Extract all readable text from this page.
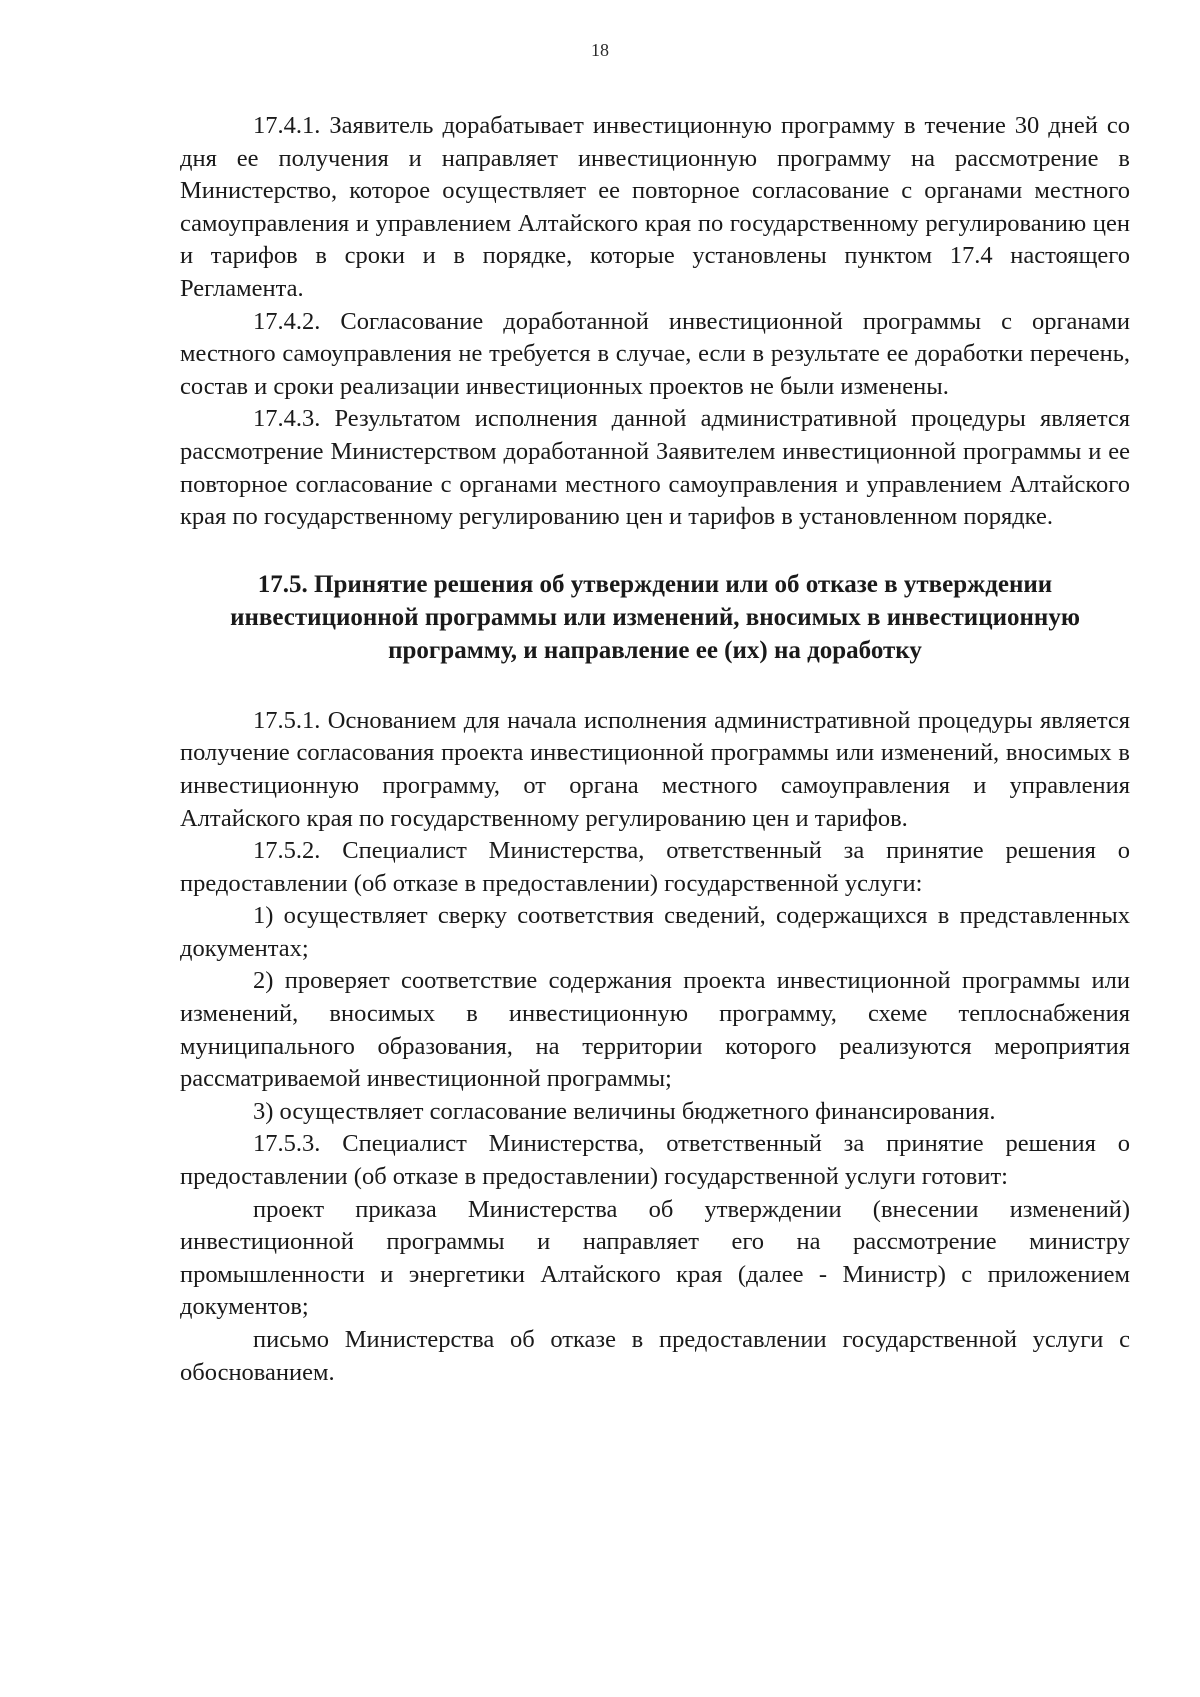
18

17.4.1. Заявитель дорабатывает инвестиционную программу в течение 30 дней со дня ее получения и направляет инвестиционную программу на рассмотрение в Министерство, которое осуществляет ее повторное согласование с органами местного самоуправления и управлением Алтайского края по государственному регулированию цен и тарифов в сроки и в порядке, которые установлены пунктом 17.4 настоящего Регламента.

17.4.2. Согласование доработанной инвестиционной программы с органами местного самоуправления не требуется в случае, если в результате ее доработки перечень, состав и сроки реализации инвестиционных проектов не были изменены.

17.4.3. Результатом исполнения данной административной процедуры является рассмотрение Министерством доработанной Заявителем инвестиционной программы и ее повторное согласование с органами местного самоуправления и управлением Алтайского края по государственному регулированию цен и тарифов в установленном порядке.

17.5. Принятие решения об утверждении или об отказе в утверждении инвестиционной программы или изменений, вносимых в инвестиционную программу, и направление ее (их) на доработку

17.5.1. Основанием для начала исполнения административной процедуры является получение согласования проекта инвестиционной программы или изменений, вносимых в инвестиционную программу, от органа местного самоуправления и управления Алтайского края по государственному регулированию цен и тарифов.

17.5.2. Специалист Министерства, ответственный за принятие решения о предоставлении (об отказе в предоставлении) государственной услуги:

1) осуществляет сверку соответствия сведений, содержащихся в представленных документах;

2) проверяет соответствие содержания проекта инвестиционной программы или изменений, вносимых в инвестиционную программу, схеме теплоснабжения муниципального образования, на территории которого реализуются мероприятия рассматриваемой инвестиционной программы;

3) осуществляет согласование величины бюджетного финансирования.

17.5.3. Специалист Министерства, ответственный за принятие решения о предоставлении (об отказе в предоставлении) государственной услуги готовит:

проект приказа Министерства об утверждении (внесении изменений) инвестиционной программы и направляет его на рассмотрение министру промышленности и энергетики Алтайского края (далее - Министр) с приложением документов;

письмо Министерства об отказе в предоставлении государственной услуги с обоснованием.
